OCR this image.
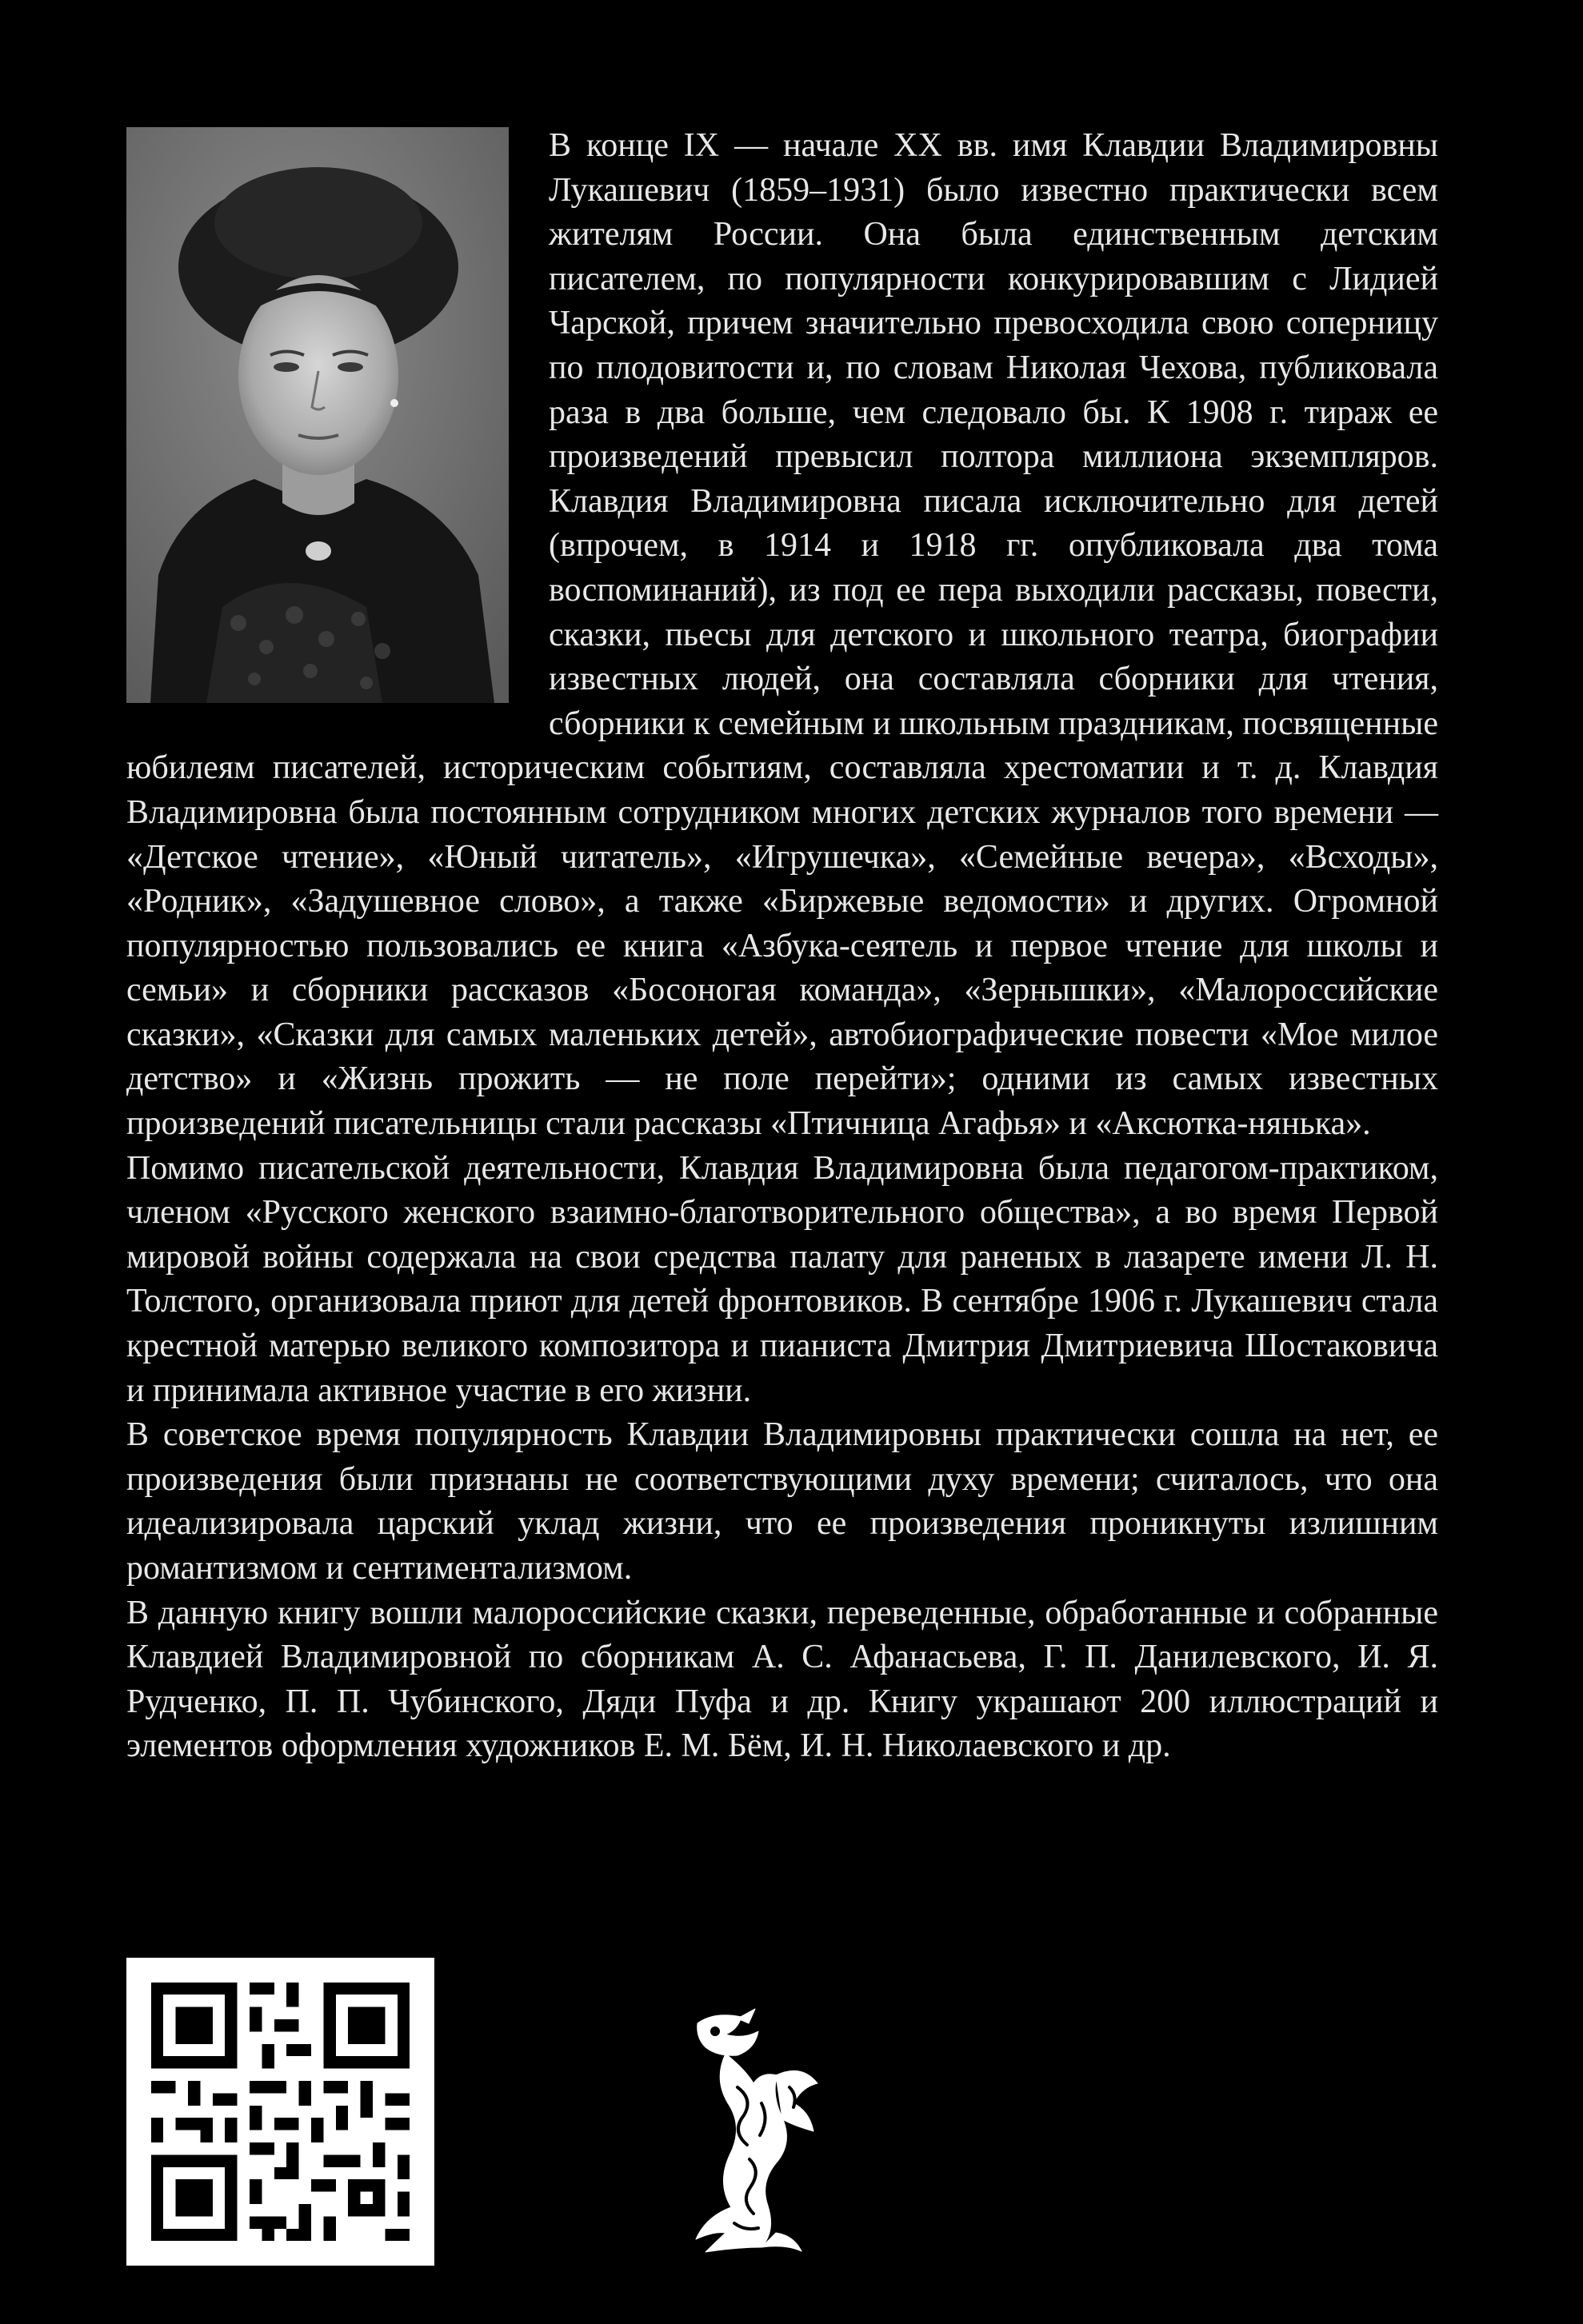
В конце IX — начале XX вв. имя Клавдии Владимировны Лукашевич (1859–1931) было известно практически всем жителям России. Она была единственным детским писателем, по популярности конкурировавшим с Лидией Чарской, причем значительно превосходила свою соперницу по плодовитости и, по словам Николая Чехова, публиковала раза в два больше, чем следовало бы. К 1908 г. тираж ее произведений превысил полтора миллиона экземпляров. Клавдия Владимировна писала исключительно для детей (впрочем, в 1914 и 1918 гг. опубликовала два тома воспоминаний), из под ее пера выходили рассказы, повести, сказки, пьесы для детского и школьного театра, биографии известных людей, она составляла сборники для чтения, сборники к семейным и школьным праздникам, посвященные юбилеям писателей, историческим событиям, составляла хрестоматии и т. д. Клавдия Владимировна была постоянным сотрудником многих детских журналов того времени — «Детское чтение», «Юный читатель», «Игрушечка», «Семейные вечера», «Всходы», «Родник», «Задушевное слово», а также «Биржевые ведомости» и других. Огромной популярностью пользовались ее книга «Азбука-сеятель и первое чтение для школы и семьи» и сборники рассказов «Босоногая команда», «Зернышки», «Малороссийские сказки», «Сказки для самых маленьких детей», автобиографические повести «Мое милое детство» и «Жизнь прожить — не поле перейти»; одними из самых известных произведений писательницы стали рассказы «Птичница Агафья» и «Аксютка-нянька».

Помимо писательской деятельности, Клавдия Владимировна была педагогом-практиком, членом «Русского женского взаимно-благотворительного общества», а во время Первой мировой войны содержала на свои средства палату для раненых в лазарете имени Л. Н. Толстого, организовала приют для детей фронтовиков. В сентябре 1906 г. Лукашевич стала крестной матерью великого композитора и пианиста Дмитрия Дмитриевича Шостаковича и принимала активное участие в его жизни.

В советское время популярность Клавдии Владимировны практически сошла на нет, ее произведения были признаны не соответствующими духу времени; считалось, что она идеализировала царский уклад жизни, что ее произведения проникнуты излишним романтизмом и сентиментализмом.

В данную книгу вошли малороссийские сказки, переведенные, обработанные и собранные Клавдией Владимировной по сборникам А. С. Афанасьева, Г. П. Данилевского, И. Я. Рудченко, П. П. Чубинского, Дяди Пуфа и др. Книгу украшают 200 иллюстраций и элементов оформления художников Е. М. Бём, И. Н. Николаевского и др.
